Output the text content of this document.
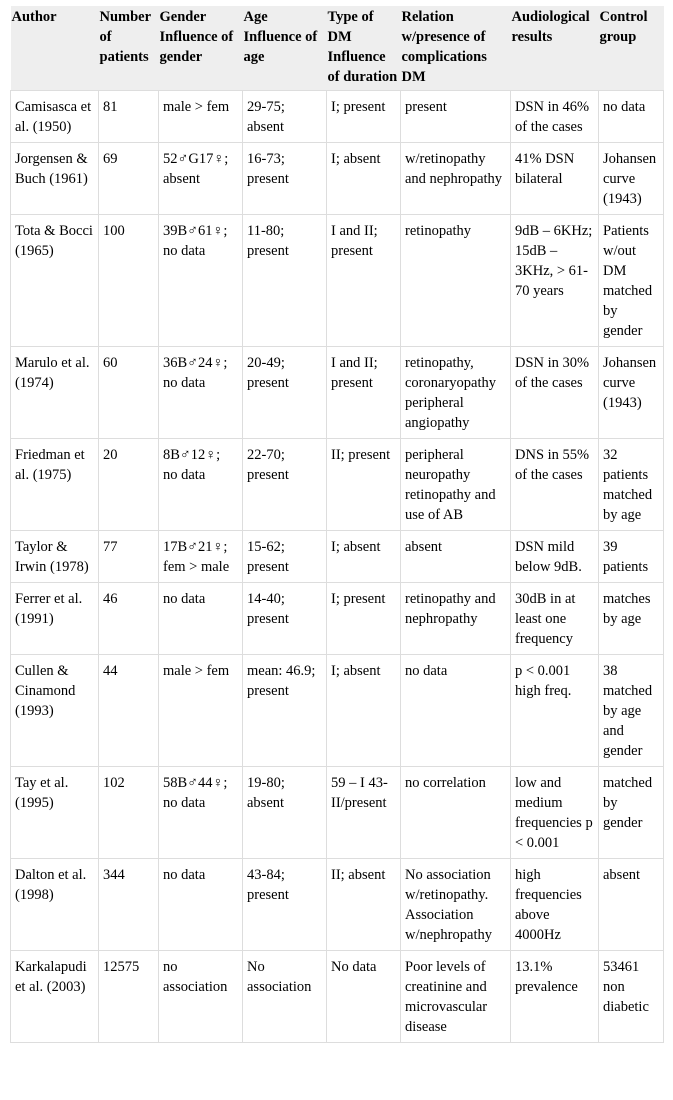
Author	Number of patients	Gender Influence of gender	Age Influence of age	Type of DM Influence of duration	Relation w/presence of complications DM	Audiological results	Control group
Camisasca et al. (1950)	81	male > fem	29-75; absent	I; present	present	DSN in 46% of the cases	no data
Jorgensen & Buch (1961)	69	52♂G17♀; absent	16-73; present	I; absent	w/retinopathy and nephropathy	41% DSN bilateral	Johansen curve (1943)
Tota & Bocci (1965)	100	39B♂61♀; no data	11-80; present	I and II; present	retinopathy	9dB – 6KHz; 15dB – 3KHz, > 61-70 years	Patients w/out DM matched by gender
Marulo et al. (1974)	60	36B♂24♀; no data	20-49; present	I and II; present	retinopathy, coronaryopathy peripheral angiopathy	DSN in 30% of the cases	Johansen curve (1943)
Friedman et al. (1975)	20	8B♂12♀; no data	22-70; present	II; present	peripheral neuropathy retinopathy and use of AB	DNS in 55% of the cases	32 patients matched by age
Taylor & Irwin (1978)	77	17B♂21♀; fem > male	15-62; present	I; absent	absent	DSN mild below 9dB.	39 patients
Ferrer et al. (1991)	46	no data	14-40; present	I; present	retinopathy and nephropathy	30dB in at least one frequency	matches by age
Cullen & Cinamond (1993)	44	male > fem	mean: 46.9; present	I; absent	no data	p < 0.001 high freq.	38 matched by age and gender
Tay et al. (1995)	102	58B♂44♀; no data	19-80; absent	59 – I 43-II/present	no correlation	low and medium frequencies p < 0.001	matched by gender
Dalton et al. (1998)	344	no data	43-84; present	II; absent	No association w/retinopathy. Association w/nephropathy	high frequencies above 4000Hz	absent
Karkalapudi et al. (2003)	12575	no association	No association	No data	Poor levels of creatinine and microvascular disease	13.1% prevalence	53461 non diabetic
